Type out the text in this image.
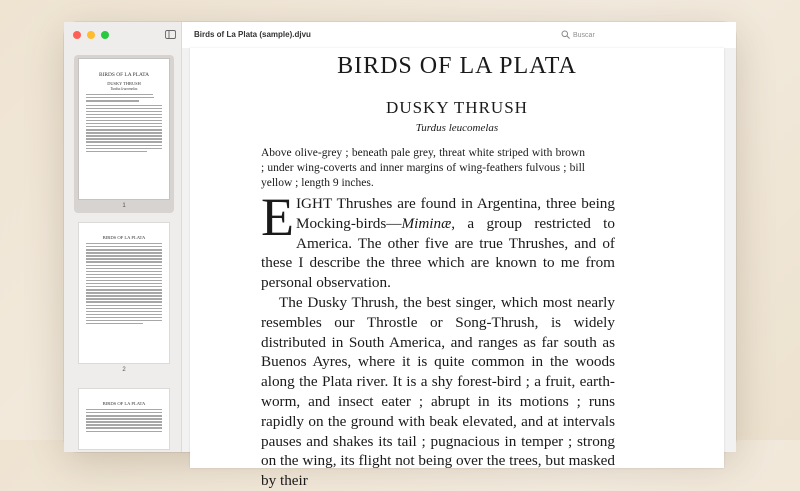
BIRDS OF LA PLATA
DUSKY THRUSH
Turdus leucomelas
1
BIRDS OF LA PLATA
2
BIRDS OF LA PLATA
Birds of La Plata (sample).djvu
Buscar
BIRDS OF LA PLATA
DUSKY THRUSH
Turdus leucomelas
Above olive-grey ; beneath pale grey, threat white striped with brown ; under wing-coverts and inner margins of wing-feathers fulvous ; bill yellow ; length 9 inches.

EIGHT Thrushes are found in Argentina, three being Mocking-birds—Miminæ, a group restricted to America. The other five are true Thrushes, and of these I describe the three which are known to me from personal observation.

The Dusky Thrush, the best singer, which most nearly resembles our Throstle or Song-Thrush, is widely distributed in South America, and ranges as far south as Buenos Ayres, where it is quite common in the woods along the Plata river. It is a shy forest-bird ; a fruit, earth-worm, and insect eater ; abrupt in its motions ; runs rapidly on the ground with beak elevated, and at intervals pauses and shakes its tail ; pugnacious in temper ; strong on the wing, its flight not being over the trees, but masked by their
